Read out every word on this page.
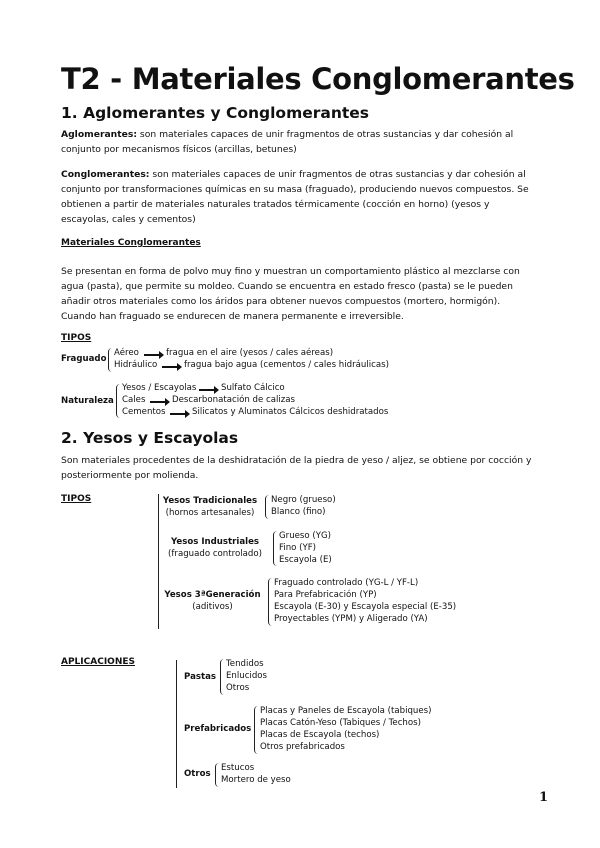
T2 - Materiales Conglomerantes
1. Aglomerantes y Conglomerantes
Aglomerantes: son materiales capaces de unir fragmentos de otras sustancias y dar cohesión al
conjunto por mecanismos físicos (arcillas, betunes)
Conglomerantes: son materiales capaces de unir fragmentos de otras sustancias y dar cohesión al
conjunto por transformaciones químicas en su masa (fraguado), produciendo nuevos compuestos. Se
obtienen a partir de materiales naturales tratados térmicamente (cocción en horno) (yesos y
escayolas, cales y cementos)
Materiales Conglomerantes
Se presentan en forma de polvo muy fino y muestran un comportamiento plástico al mezclarse con
agua (pasta), que permite su moldeo. Cuando se encuentra en estado fresco (pasta) se le pueden
añadir otros materiales como los áridos para obtener nuevos compuestos (mortero, hormigón).
Cuando han fraguado se endurecen de manera permanente e irreversible.
TIPOS
Fraguado
Aéreo	fragua en el aire (yesos / cales aéreas)
Hidráulico	fragua bajo agua (cementos / cales hidráulicas)
Naturaleza
Yesos / Escayolas	Sulfato Cálcico
Cales	Descarbonatación de calizas
Cementos	Silicatos y Aluminatos Cálcicos deshidratados
2. Yesos y Escayolas
Son materiales procedentes de la deshidratación de la piedra de yeso / aljez, se obtiene por cocción y
posteriormente por molienda.
TIPOS	Yesos Tradicionales
(hornos artesanales)
Negro (grueso)
Blanco (fino)
Yesos Industriales
(fraguado controlado)
Grueso (YG)
Fino (YF)
Escayola (E)
Yesos 3ªGeneración
(aditivos)
Fraguado controlado (YG-L / YF-L)
Para Prefabricación (YP)
Escayola (E-30) y Escayola especial (E-35)
Proyectables (YPM) y Aligerado (YA)
APLICACIONES
Pastas
Tendidos
Enlucidos
Otros
Prefabricados
Placas y Paneles de Escayola (tabiques)
Placas Catón-Yeso (Tabiques / Techos)
Placas de Escayola (techos)
Otros prefabricados
Otros
Estucos
Mortero de yeso
1
